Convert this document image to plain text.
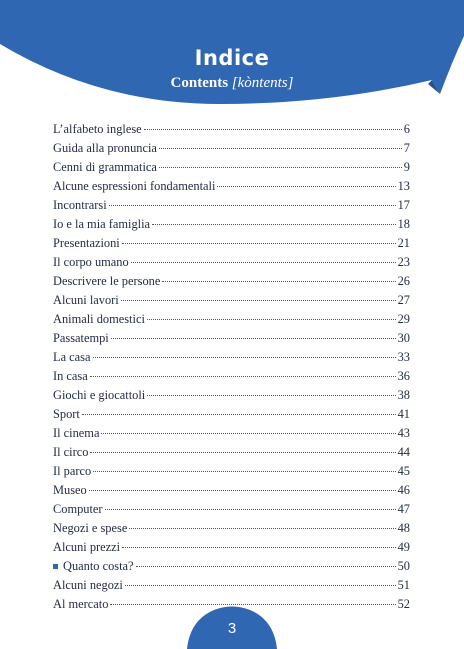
Indice
Contents [kòntents]
L’alfabeto inglese	6
Guida alla pronuncia	7
Cenni di grammatica	9
Alcune espressioni fondamentali	13
Incontrarsi	17
Io e la mia famiglia	18
Presentazioni	21
Il corpo umano	23
Descrivere le persone	26
Alcuni lavori	27
Animali domestici	29
Passatempi	30
La casa	33
In casa	36
Giochi e giocattoli	38
Sport	41
Il cinema	43
Il circo	44
Il parco	45
Museo	46
Computer	47
Negozi e spese	48
Alcuni prezzi	49
Quanto costa?	50
Alcuni negozi	51
Al mercato	52
3
